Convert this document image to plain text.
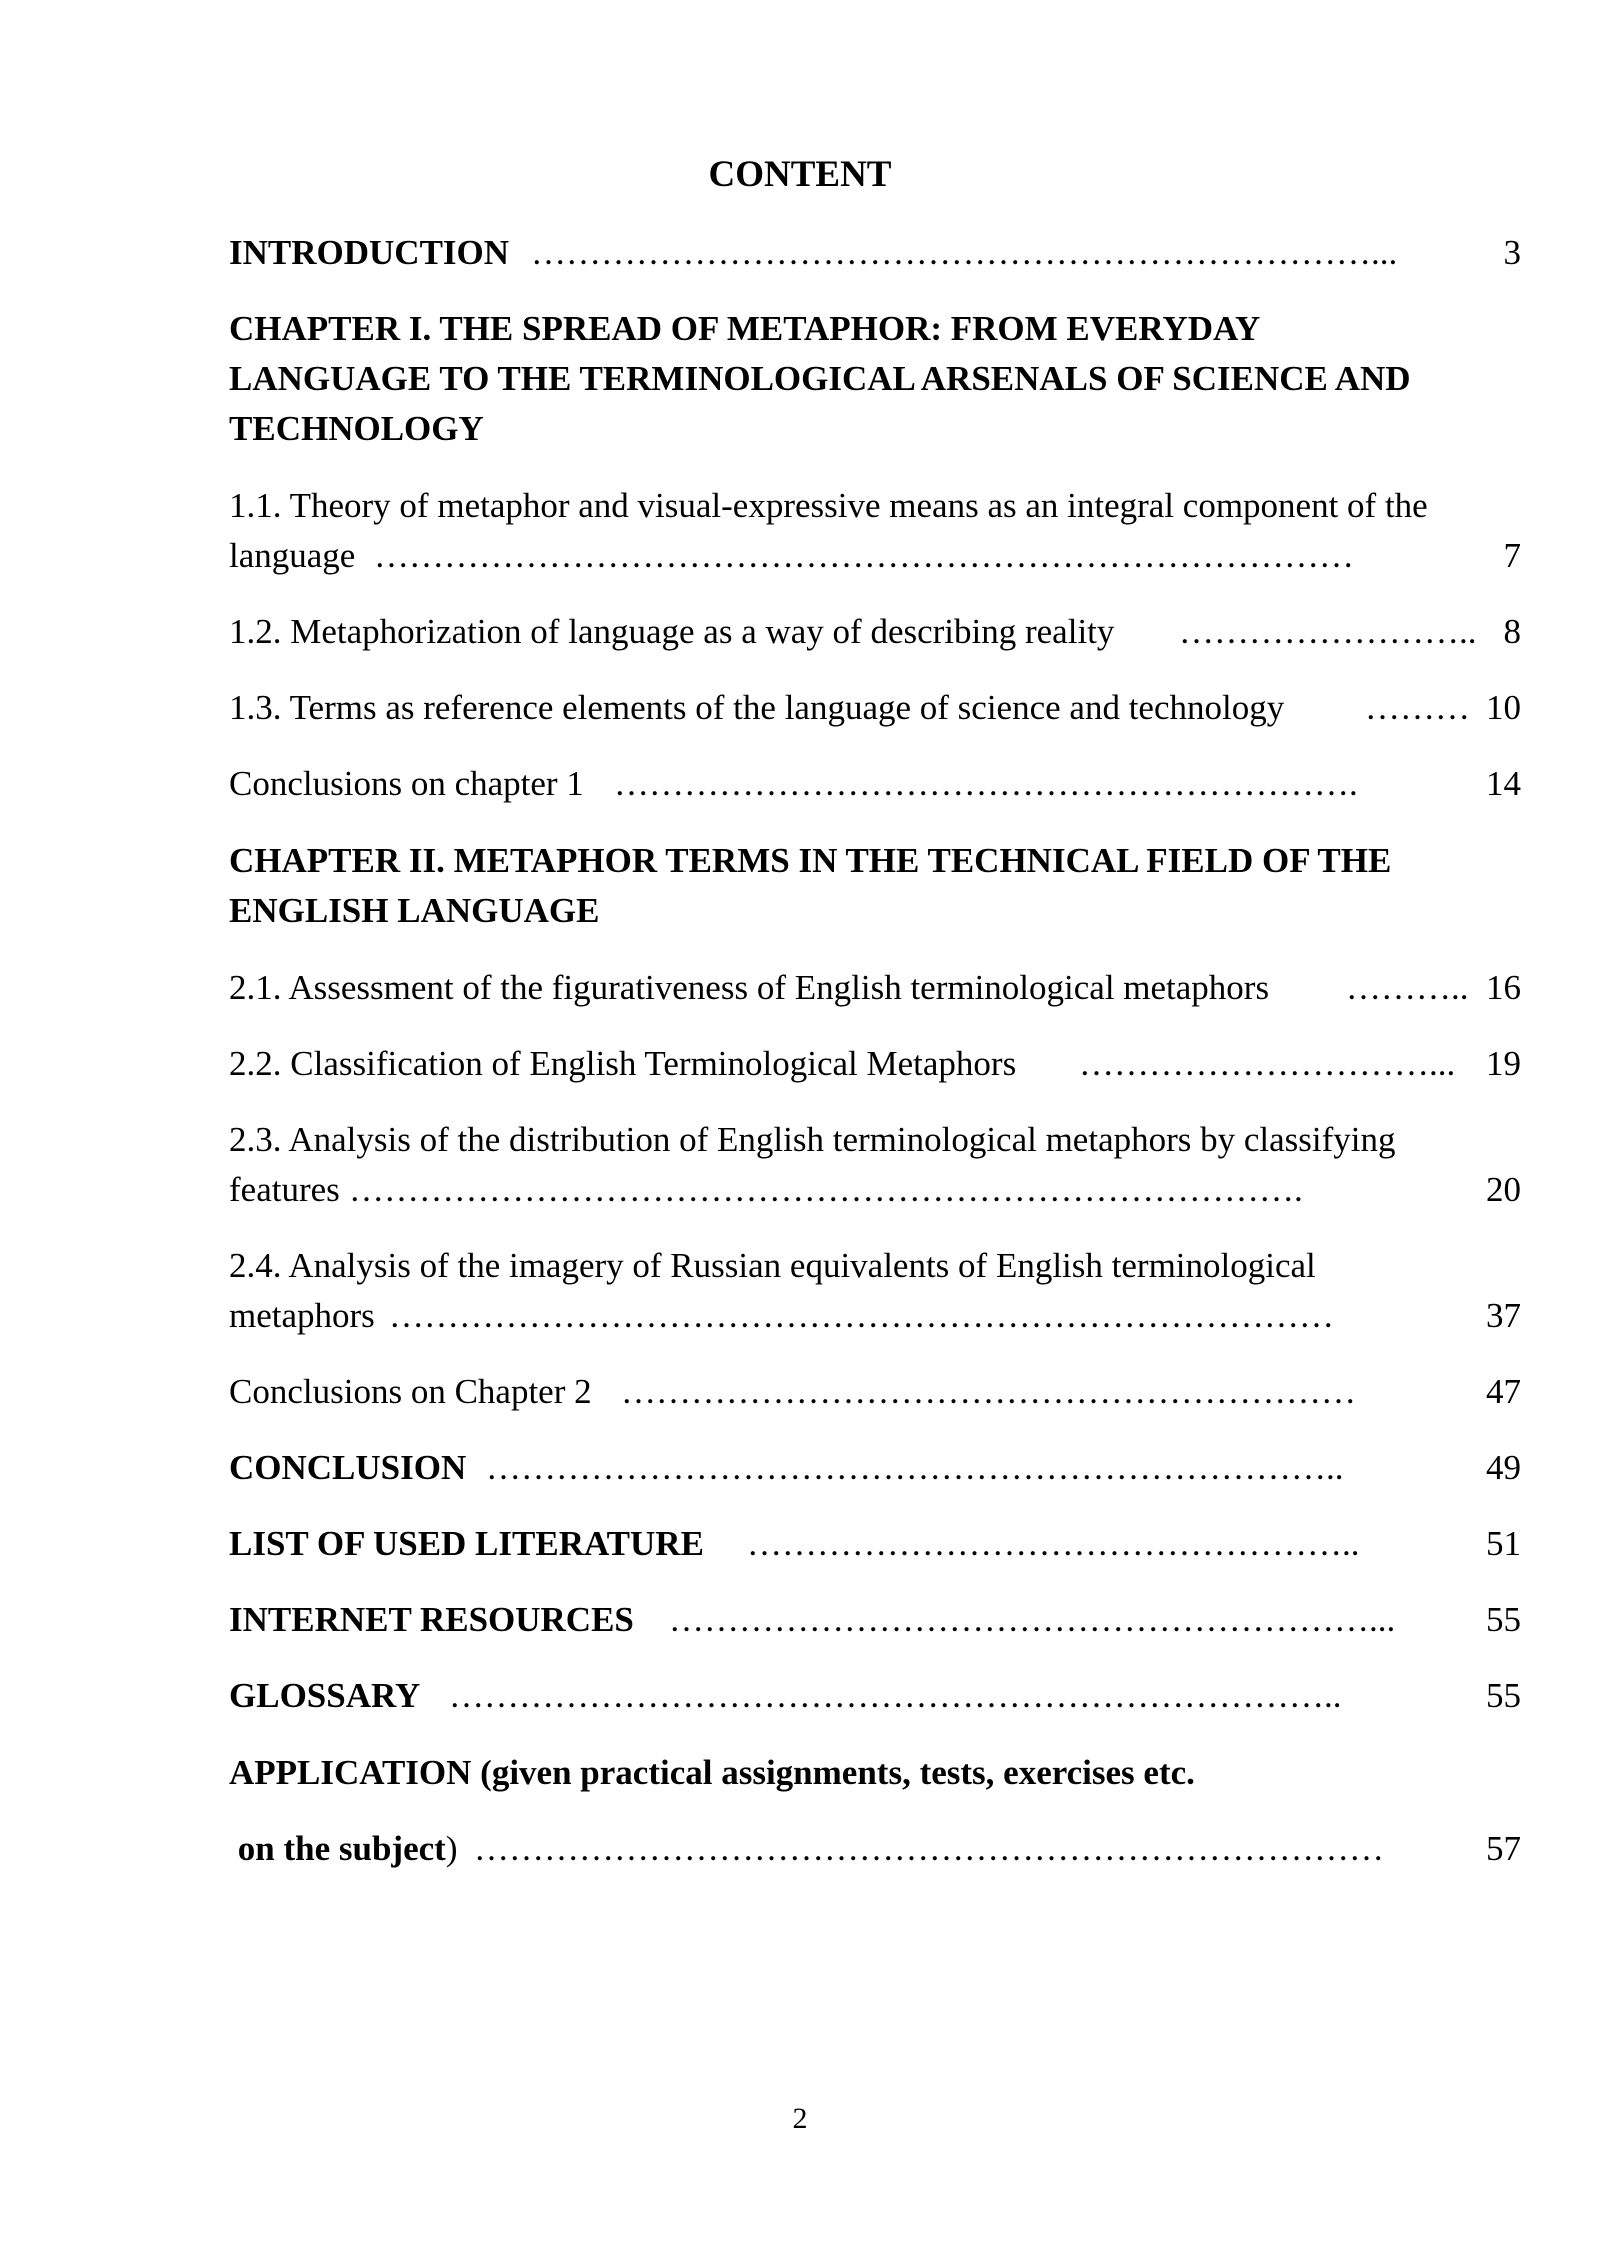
CONTENT
INTRODUCTION ………………………………………………………………...	3
CHAPTER I. THE SPREAD OF METAPHOR: FROM EVERYDAY
LANGUAGE TO THE TERMINOLOGICAL ARSENALS OF SCIENCE AND
TECHNOLOGY
1.1. Theory of metaphor and visual-expressive means as an integral component of the
language …………………………………………………………………………	7
1.2. Metaphorization of language as a way of describing reality …………………….. 8
1.3. Terms as reference elements of the language of science and technology ……… 10
Conclusions on chapter 1 ……………………………………………………….	14
CHAPTER II. METAPHOR TERMS IN THE TECHNICAL FIELD OF THE
ENGLISH LANGUAGE
2.1. Assessment of the figurativeness of English terminological metaphors ……….. 16
2.2. Classification of English Terminological Metaphors …………………………... 19
2.3. Analysis of the distribution of English terminological metaphors by classifying
features ……………………………………………………………………….	20
2.4. Analysis of the imagery of Russian equivalents of English terminological
metaphors ………………………………………………………………………	37
Conclusions on Chapter 2 ………………………………………………………	47
CONCLUSION ………………………………………………………………..	49
LIST OF USED LITERATURE ……………………………………………..	51
INTERNET RESOURCES ……………………………………………………...	55
GLOSSARY …………………………………………………………………..	55
APPLICATION (given practical assignments, tests, exercises etc.
on the subject) ……………………………………………………………………	57
2
